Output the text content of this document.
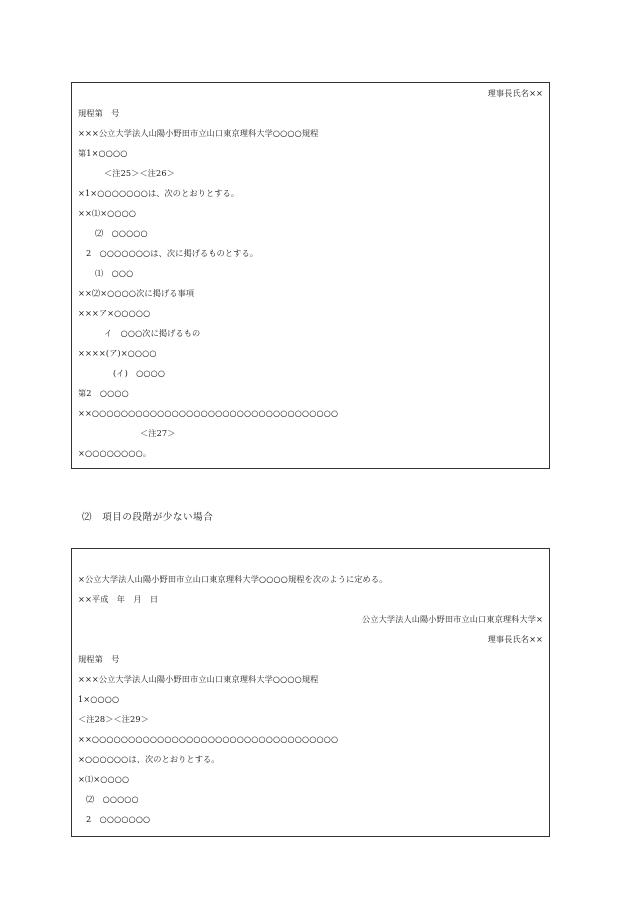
理事長氏名××
規程第　号
×××公立大学法人山陽小野田市立山口東京理科大学○○○○規程
第1×○○○○
＜注25＞＜注26＞
×1×○○○○○○○は、次のとおりとする。
××⑴×○○○○
⑵　○○○○○
2　○○○○○○○は、次に掲げるものとする。
⑴　○○○
××⑵×○○○○次に掲げる事項
×××ア×○○○○○
イ　○○○次に掲げるもの
××××(ア)×○○○○
(イ)　○○○○
第2　○○○○
××○○○○○○○○○○○○○○○○○○○○○○○○○○○○○○○○○○
＜注27＞
×○○○○○○○○。
⑵　項目の段階が少ない場合
×公立大学法人山陽小野田市立山口東京理科大学○○○○規程を次のように定める。
××平成　年　月　日
公立大学法人山陽小野田市立山口東京理科大学×
理事長氏名××
規程第　号
×××公立大学法人山陽小野田市立山口東京理科大学○○○○規程
1×○○○○
＜注28＞＜注29＞
××○○○○○○○○○○○○○○○○○○○○○○○○○○○○○○○○○○
×○○○○○○は、次のとおりとする。
×⑴×○○○○
⑵　○○○○○
2　○○○○○○○
